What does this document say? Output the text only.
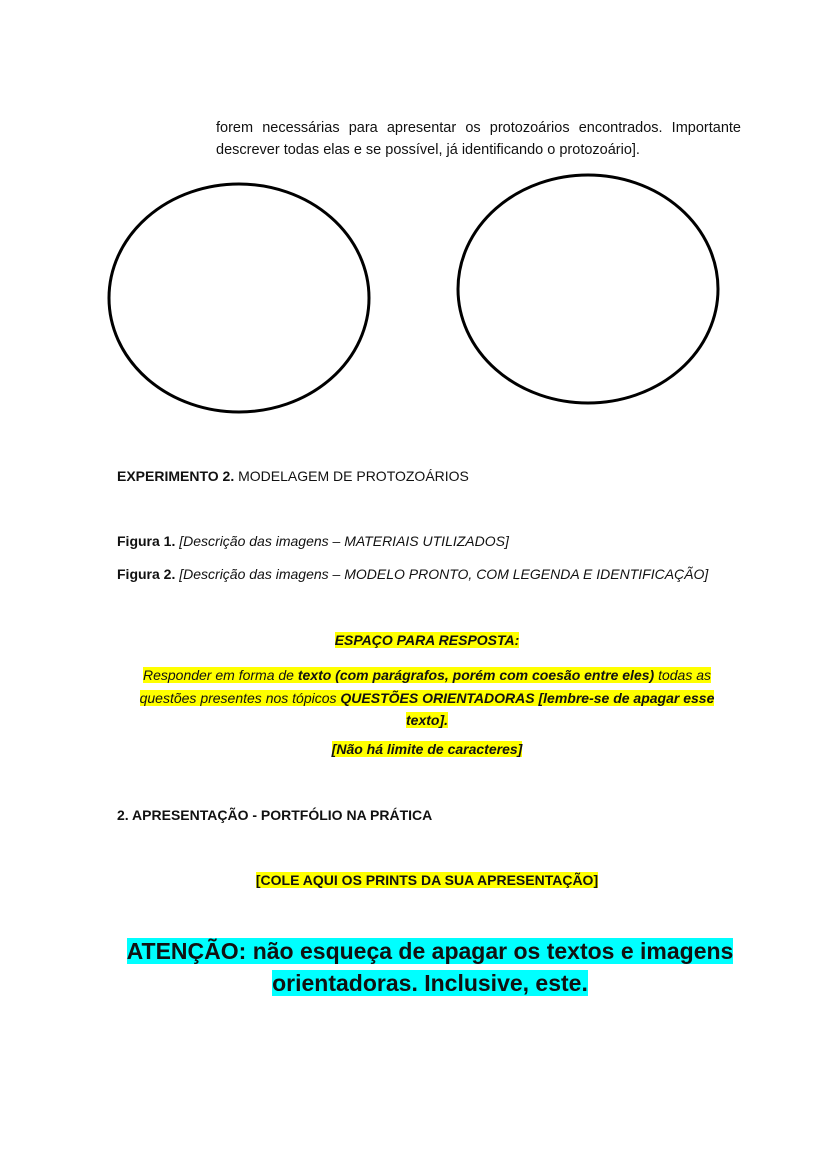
forem necessárias para apresentar os protozoários encontrados. Importante descrever todas elas e se possível, já identificando o protozoário].

EXPERIMENTO 2. MODELAGEM DE PROTOZOÁRIOS
Figura 1. [Descrição das imagens – MATERIAIS UTILIZADOS]
Figura 2. [Descrição das imagens – MODELO PRONTO, COM LEGENDA E IDENTIFICAÇÃO]
ESPAÇO PARA RESPOSTA:
Responder em forma de texto (com parágrafos, porém com coesão entre eles) todas as questões presentes nos tópicos QUESTÕES ORIENTADORAS [lembre-se de apagar esse texto].
[Não há limite de caracteres]
2. APRESENTAÇÃO - PORTFÓLIO NA PRÁTICA
[COLE AQUI OS PRINTS DA SUA APRESENTAÇÃO]
ATENÇÃO: não esqueça de apagar os textos e imagens
orientadoras. Inclusive, este.
